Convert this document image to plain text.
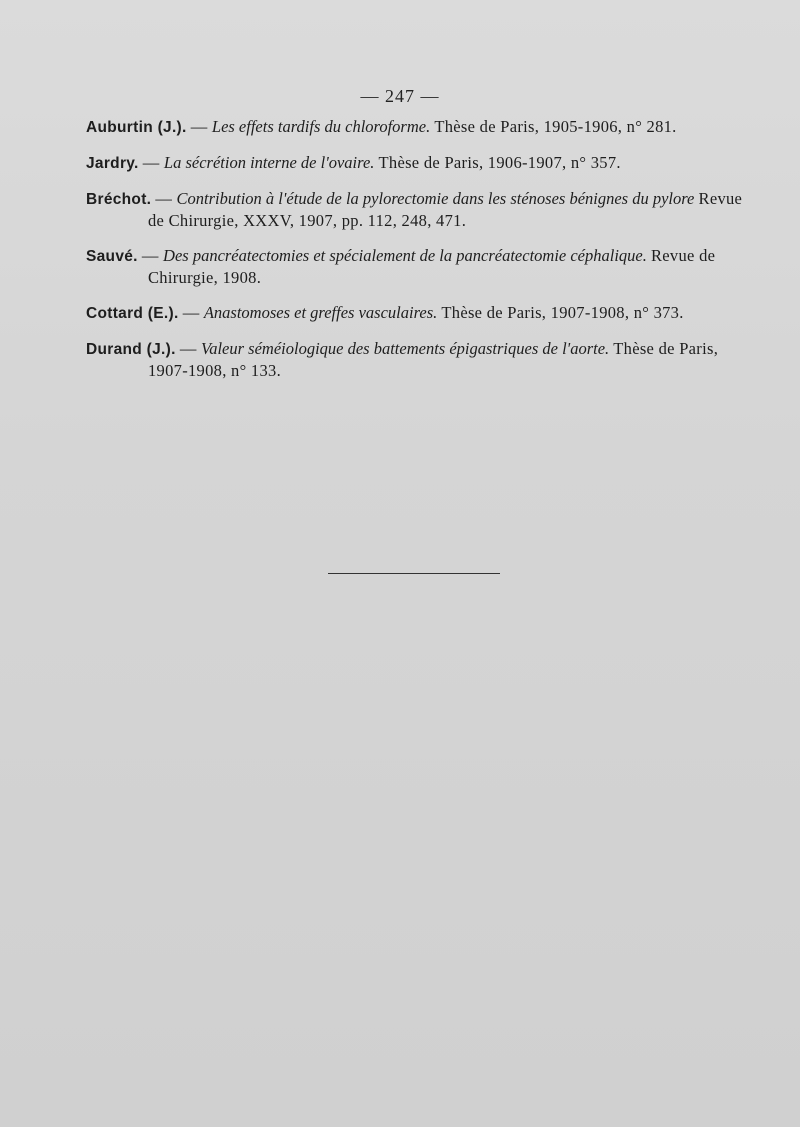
— 247 —
Auburtin (J.). — Les effets tardifs du chloroforme. Thèse de Paris, 1905-1906, n° 281.
Jardry. — La sécrétion interne de l'ovaire. Thèse de Paris, 1906-1907, n° 357.
Bréchot. — Contribution à l'étude de la pylorectomie dans les sténoses bénignes du pylore Revue de Chirurgie, XXXV, 1907, pp. 112, 248, 471.
Sauvé. — Des pancréatectomies et spécialement de la pancréatectomie céphalique. Revue de Chirurgie, 1908.
Cottard (E.). — Anastomoses et greffes vasculaires. Thèse de Paris, 1907-1908, n° 373.
Durand (J.). — Valeur séméiologique des battements épigastriques de l'aorte. Thèse de Paris, 1907-1908, n° 133.
